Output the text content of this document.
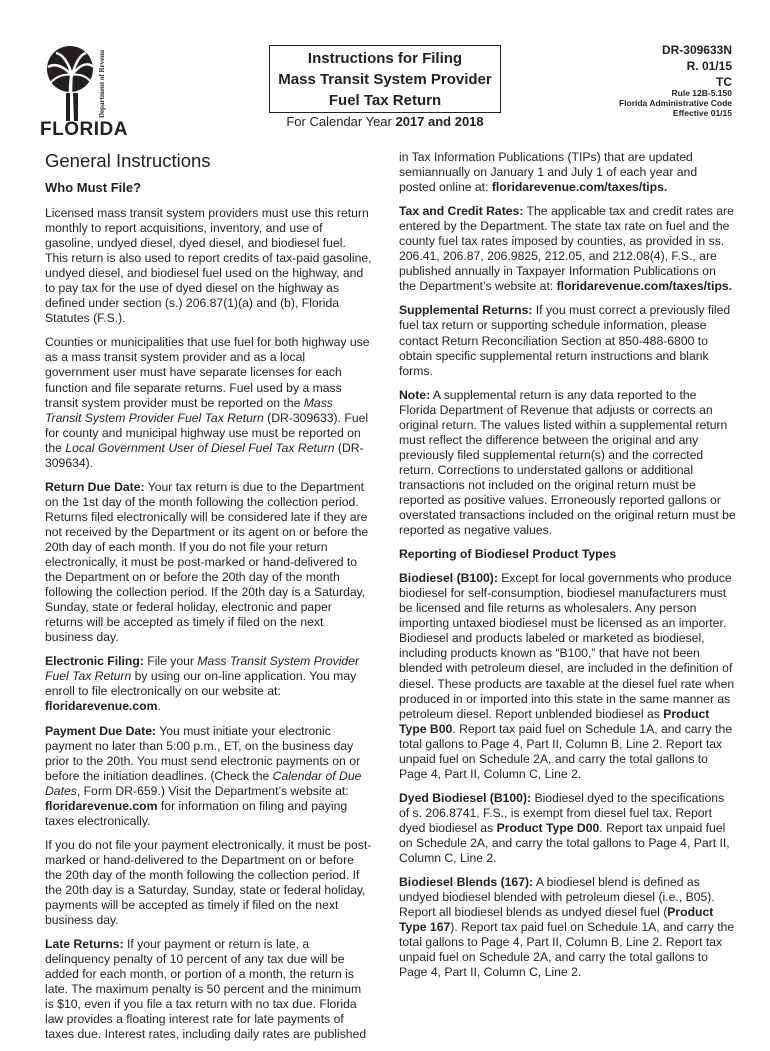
Department of Revenue
FLORIDA
Instructions for Filing
Mass Transit System Provider
Fuel Tax Return
For Calendar Year 2017 and 2018
DR-309633N
R. 01/15
TC
Rule 12B-5.150
Florida Administrative Code
Effective 01/15
General Instructions
Who Must File?

Licensed mass transit system providers must use this return monthly to report acquisitions, inventory, and use of gasoline, undyed diesel, dyed diesel, and biodiesel fuel. This return is also used to report credits of tax-paid gasoline, undyed diesel, and biodiesel fuel used on the highway, and to pay tax for the use of dyed diesel on the highway as defined under section (s.) 206.87(1)(a) and (b), Florida Statutes (F.S.).

Counties or municipalities that use fuel for both highway use as a mass transit system provider and as a local government user must have separate licenses for each function and file separate returns. Fuel used by a mass transit system provider must be reported on the Mass Transit System Provider Fuel Tax Return (DR-309633). Fuel for county and municipal highway use must be reported on the Local Government User of Diesel Fuel Tax Return (DR-309634).

Return Due Date: Your tax return is due to the Department on the 1st day of the month following the collection period. Returns filed electronically will be considered late if they are not received by the Department or its agent on or before the 20th day of each month. If you do not file your return electronically, it must be post-marked or hand-delivered to the Department on or before the 20th day of the month following the collection period. If the 20th day is a Saturday, Sunday, state or federal holiday, electronic and paper returns will be accepted as timely if filed on the next business day.

Electronic Filing: File your Mass Transit System Provider Fuel Tax Return by using our on-line application. You may enroll to file electronically on our website at: floridarevenue.com.

Payment Due Date: You must initiate your electronic payment no later than 5:00 p.m., ET, on the business day prior to the 20th. You must send electronic payments on or before the initiation deadlines. (Check the Calendar of Due Dates, Form DR-659.) Visit the Department’s website at: floridarevenue.com for information on filing and paying taxes electronically.

If you do not file your payment electronically, it must be post-marked or hand-delivered to the Department on or before the 20th day of the month following the collection period. If the 20th day is a Saturday, Sunday, state or federal holiday, payments will be accepted as timely if filed on the next business day.

Late Returns: If your payment or return is late, a delinquency penalty of 10 percent of any tax due will be added for each month, or portion of a month, the return is late. The maximum penalty is 50 percent and the minimum is $10, even if you file a tax return with no tax due. Florida law provides a floating interest rate for late payments of taxes due. Interest rates, including daily rates are published

in Tax Information Publications (TIPs) that are updated semiannually on January 1 and July 1 of each year and posted online at: floridarevenue.com/taxes/tips.

Tax and Credit Rates: The applicable tax and credit rates are entered by the Department. The state tax rate on fuel and the county fuel tax rates imposed by counties, as provided in ss. 206.41, 206.87, 206.9825, 212.05, and 212.08(4), F.S., are published annually in Taxpayer Information Publications on the Department’s website at: floridarevenue.com/taxes/tips.

Supplemental Returns: If you must correct a previously filed fuel tax return or supporting schedule information, please contact Return Reconciliation Section at 850-488-6800 to obtain specific supplemental return instructions and blank forms.

Note: A supplemental return is any data reported to the Florida Department of Revenue that adjusts or corrects an original return. The values listed within a supplemental return must reflect the difference between the original and any previously filed supplemental return(s) and the corrected return. Corrections to understated gallons or additional transactions not included on the original return must be reported as positive values. Erroneously reported gallons or overstated transactions included on the original return must be reported as negative values.

Reporting of Biodiesel Product Types

Biodiesel (B100): Except for local governments who produce biodiesel for self-consumption, biodiesel manufacturers must be licensed and file returns as wholesalers. Any person importing untaxed biodiesel must be licensed as an importer. Biodiesel and products labeled or marketed as biodiesel, including products known as “B100,” that have not been blended with petroleum diesel, are included in the definition of diesel. These products are taxable at the diesel fuel rate when produced in or imported into this state in the same manner as petroleum diesel. Report unblended biodiesel as Product Type B00. Report tax paid fuel on Schedule 1A, and carry the total gallons to Page 4, Part II, Column B, Line 2. Report tax unpaid fuel on Schedule 2A, and carry the total gallons to Page 4, Part II, Column C, Line 2.

Dyed Biodiesel (B100): Biodiesel dyed to the specifications of s. 206.8741, F.S., is exempt from diesel fuel tax. Report dyed biodiesel as Product Type D00. Report tax unpaid fuel on Schedule 2A, and carry the total gallons to Page 4, Part II, Column C, Line 2.

Biodiesel Blends (167): A biodiesel blend is defined as undyed biodiesel blended with petroleum diesel (i.e., B05). Report all biodiesel blends as undyed diesel fuel (Product Type 167). Report tax paid fuel on Schedule 1A, and carry the total gallons to Page 4, Part II, Column B, Line 2. Report tax unpaid fuel on Schedule 2A, and carry the total gallons to Page 4, Part II, Column C, Line 2.
